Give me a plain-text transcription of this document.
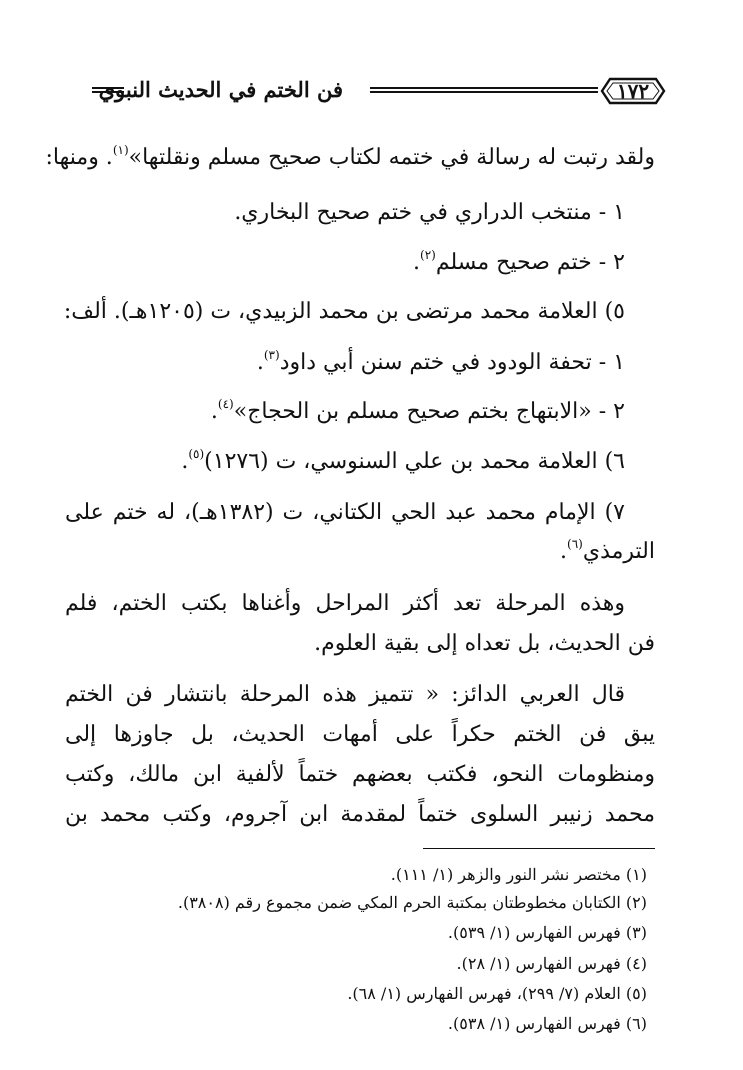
فن الختم في الحديث النبوي	١٧٢
ولقد رتبت له رسالة في ختمه لكتاب صحيح مسلم ونقلتها»$^{(١)}$. ومنها:
١ - منتخب الدراري في ختم صحيح البخاري.
٢ - ختم صحيح مسلم$^{(٢)}$.
٥) العلامة محمد مرتضى بن محمد الزبيدي، ت (١٢٠٥هـ). ألف:
١ - تحفة الودود في ختم سنن أبي داود$^{(٣)}$.
٢ - «الابتهاج بختم صحيح مسلم بن الحجاج»$^{(٤)}$.
٦) العلامة محمد بن علي السنوسي، ت (١٢٧٦)$^{(٥)}$.
٧) الإمام محمد عبد الحي الكتاني، ت (١٣٨٢هـ)، له ختم على
الترمذي$^{(٦)}$.
وهذه المرحلة تعد أكثر المراحل وأغناها بكتب الختم، فلم
فن الحديث، بل تعداه إلى بقية العلوم.
قال العربي الدائز: « تتميز هذه المرحلة بانتشار فن الختم
يبق فن الختم حكراً على أمهات الحديث، بل جاوزها إلى
ومنظومات النحو، فكتب بعضهم ختماً لألفية ابن مالك، وكتب
محمد زنيبر السلوى ختماً لمقدمة ابن آجروم، وكتب محمد بن
(١) مختصر نشر النور والزهر (١/ ١١١).
(٢) الكتابان مخطوطتان بمكتبة الحرم المكي ضمن مجموع رقم (٣٨٠٨).
(٣) فهرس الفهارس (١/ ٥٣٩).
(٤) فهرس الفهارس (١/ ٢٨).
(٥) العلام (٧/ ٢٩٩)، فهرس الفهارس (١/ ٦٨).
(٦) فهرس الفهارس (١/ ٥٣٨).
